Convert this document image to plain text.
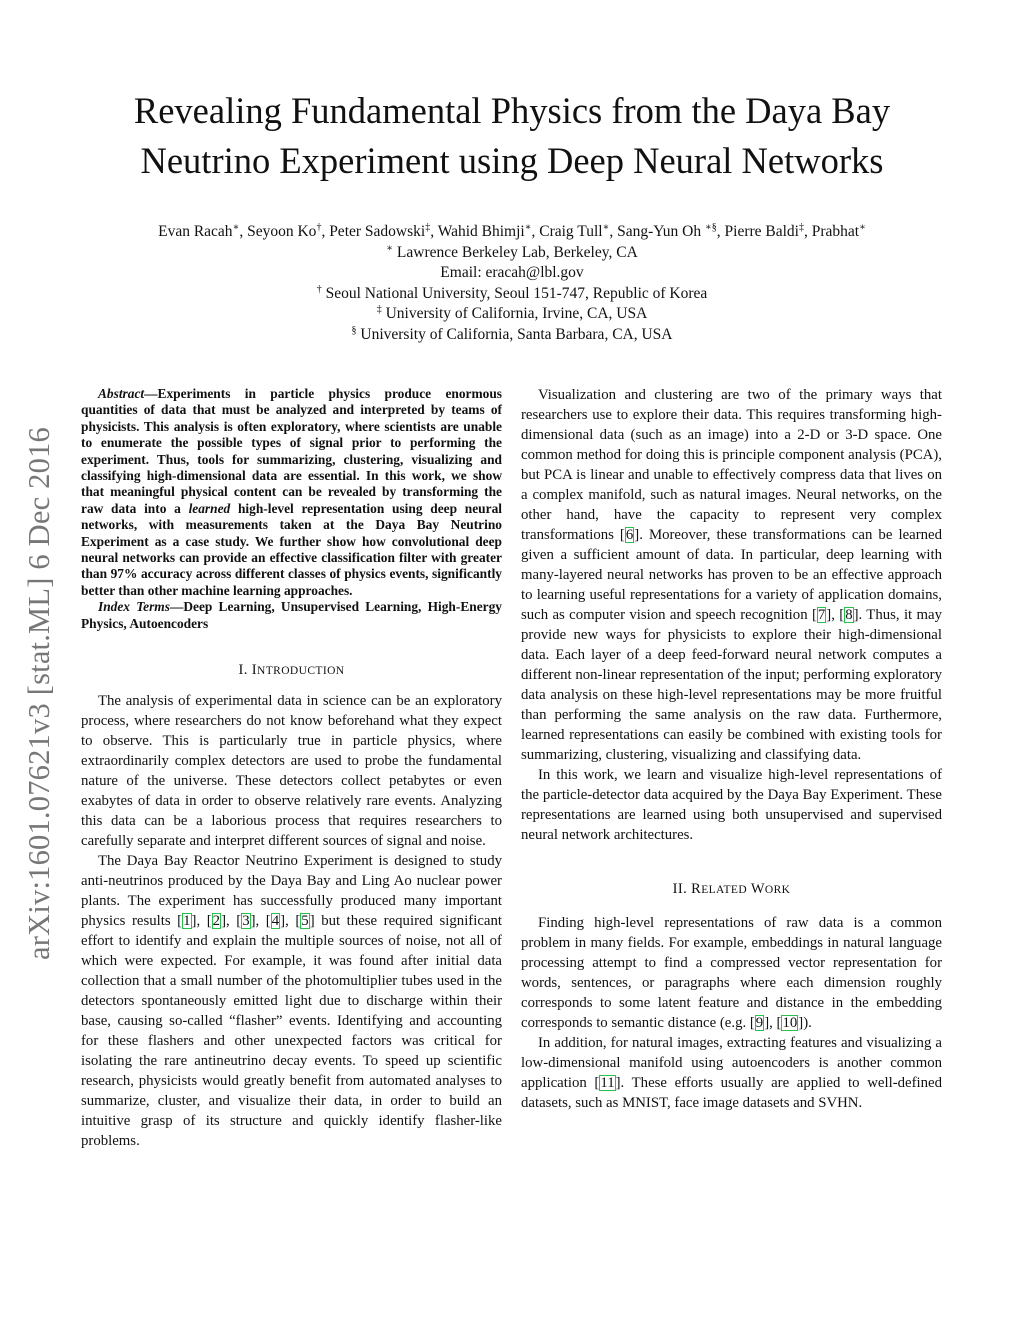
Revealing Fundamental Physics from the Daya Bay
Neutrino Experiment using Deep Neural Networks
Evan Racah∗, Seyoon Ko†, Peter Sadowski‡, Wahid Bhimji∗, Craig Tull∗, Sang-Yun Oh ∗§, Pierre Baldi‡, Prabhat∗
∗ Lawrence Berkeley Lab, Berkeley, CA
Email: eracah@lbl.gov
† Seoul National University, Seoul 151-747, Republic of Korea
‡ University of California, Irvine, CA, USA
§ University of California, Santa Barbara, CA, USA
arXiv:1601.07621v3 [stat.ML] 6 Dec 2016

Abstract—Experiments in particle physics produce enormous quantities of data that must be analyzed and interpreted by teams of physicists. This analysis is often exploratory, where scientists are unable to enumerate the possible types of signal prior to performing the experiment. Thus, tools for summarizing, clustering, visualizing and classifying high-dimensional data are essential. In this work, we show that meaningful physical content can be revealed by transforming the raw data into a learned high-level representation using deep neural networks, with measurements taken at the Daya Bay Neutrino Experiment as a case study. We further show how convolutional deep neural networks can provide an effective classification filter with greater than 97% accuracy across different classes of physics events, significantly better than other machine learning approaches.

Index Terms—Deep Learning, Unsupervised Learning, High-Energy Physics, Autoencoders

I. INTRODUCTION

The analysis of experimental data in science can be an exploratory process, where researchers do not know beforehand what they expect to observe. This is particularly true in particle physics, where extraordinarily complex detectors are used to probe the fundamental nature of the universe. These detectors collect petabytes or even exabytes of data in order to observe relatively rare events. Analyzing this data can be a laborious process that requires researchers to carefully separate and interpret different sources of signal and noise.

The Daya Bay Reactor Neutrino Experiment is designed to study anti-neutrinos produced by the Daya Bay and Ling Ao nuclear power plants. The experiment has successfully produced many important physics results [1], [2], [3], [4], [5] but these required significant effort to identify and explain the multiple sources of noise, not all of which were expected. For example, it was found after initial data collection that a small number of the photomultiplier tubes used in the detectors spontaneously emitted light due to discharge within their base, causing so-called “flasher” events. Identifying and accounting for these flashers and other unexpected factors was critical for isolating the rare antineutrino decay events. To speed up scientific research, physicists would greatly benefit from automated analyses to summarize, cluster, and visualize their data, in order to build an intuitive grasp of its structure and quickly identify flasher-like problems.

Visualization and clustering are two of the primary ways that researchers use to explore their data. This requires transforming high-dimensional data (such as an image) into a 2-D or 3-D space. One common method for doing this is principle component analysis (PCA), but PCA is linear and unable to effectively compress data that lives on a complex manifold, such as natural images. Neural networks, on the other hand, have the capacity to represent very complex transformations [6]. Moreover, these transformations can be learned given a sufficient amount of data. In particular, deep learning with many-layered neural networks has proven to be an effective approach to learning useful representations for a variety of application domains, such as computer vision and speech recognition [7], [8]. Thus, it may provide new ways for physicists to explore their high-dimensional data. Each layer of a deep feed-forward neural network computes a different non-linear representation of the input; performing exploratory data analysis on these high-level representations may be more fruitful than performing the same analysis on the raw data. Furthermore, learned representations can easily be combined with existing tools for summarizing, clustering, visualizing and classifying data.

In this work, we learn and visualize high-level representations of the particle-detector data acquired by the Daya Bay Experiment. These representations are learned using both unsupervised and supervised neural network architectures.

II. RELATED WORK

Finding high-level representations of raw data is a common problem in many fields. For example, embeddings in natural language processing attempt to find a compressed vector representation for words, sentences, or paragraphs where each dimension roughly corresponds to some latent feature and distance in the embedding corresponds to semantic distance (e.g. [9], [10]).

In addition, for natural images, extracting features and visualizing a low-dimensional manifold using autoencoders is another common application [11]. These efforts usually are applied to well-defined datasets, such as MNIST, face image datasets and SVHN.
